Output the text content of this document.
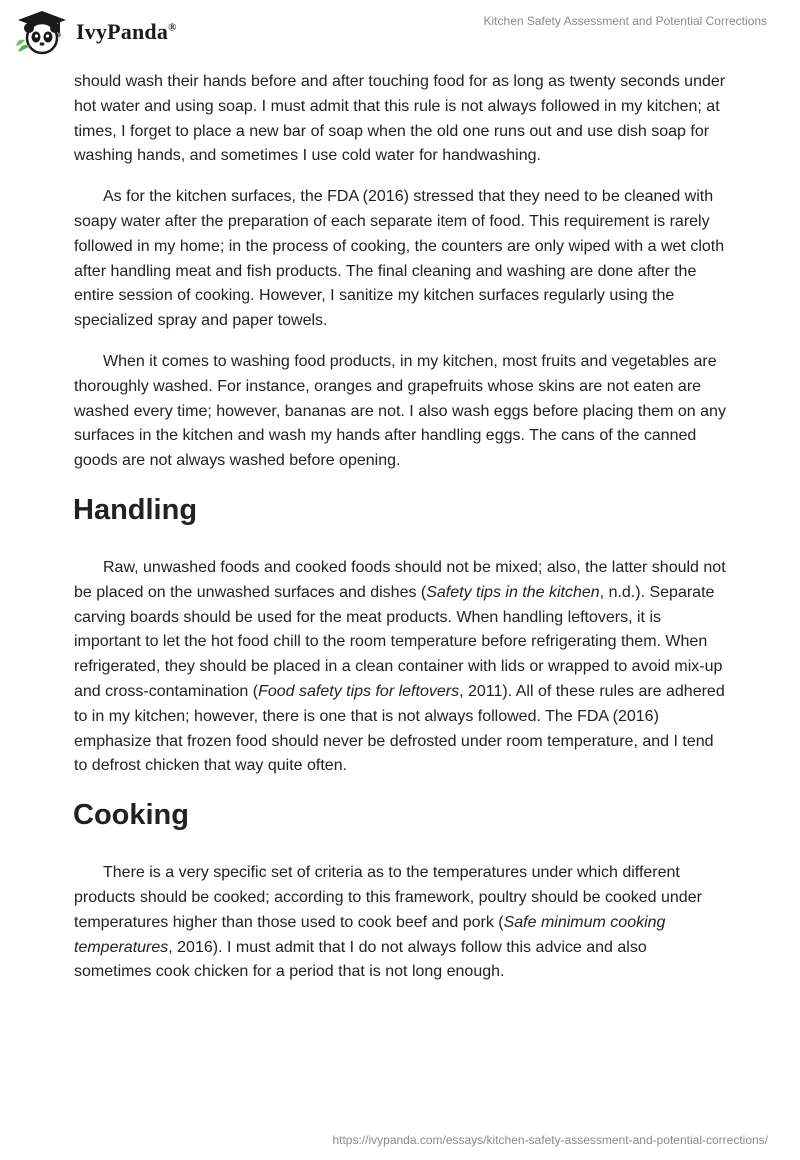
IvyPanda®	Kitchen Safety Assessment and Potential Corrections

should wash their hands before and after touching food for as long as twenty seconds under hot water and using soap. I must admit that this rule is not always followed in my kitchen; at times, I forget to place a new bar of soap when the old one runs out and use dish soap for washing hands, and sometimes I use cold water for handwashing.

As for the kitchen surfaces, the FDA (2016) stressed that they need to be cleaned with soapy water after the preparation of each separate item of food. This requirement is rarely followed in my home; in the process of cooking, the counters are only wiped with a wet cloth after handling meat and fish products. The final cleaning and washing are done after the entire session of cooking. However, I sanitize my kitchen surfaces regularly using the specialized spray and paper towels.

When it comes to washing food products, in my kitchen, most fruits and vegetables are thoroughly washed. For instance, oranges and grapefruits whose skins are not eaten are washed every time; however, bananas are not. I also wash eggs before placing them on any surfaces in the kitchen and wash my hands after handling eggs. The cans of the canned goods are not always washed before opening.

Handling

Raw, unwashed foods and cooked foods should not be mixed; also, the latter should not be placed on the unwashed surfaces and dishes (Safety tips in the kitchen, n.d.). Separate carving boards should be used for the meat products. When handling leftovers, it is important to let the hot food chill to the room temperature before refrigerating them. When refrigerated, they should be placed in a clean container with lids or wrapped to avoid mix-up and cross-contamination (Food safety tips for leftovers, 2011). All of these rules are adhered to in my kitchen; however, there is one that is not always followed. The FDA (2016) emphasize that frozen food should never be defrosted under room temperature, and I tend to defrost chicken that way quite often.

Cooking

There is a very specific set of criteria as to the temperatures under which different products should be cooked; according to this framework, poultry should be cooked under temperatures higher than those used to cook beef and pork (Safe minimum cooking temperatures, 2016). I must admit that I do not always follow this advice and also sometimes cook chicken for a period that is not long enough.

https://ivypanda.com/essays/kitchen-safety-assessment-and-potential-corrections/
